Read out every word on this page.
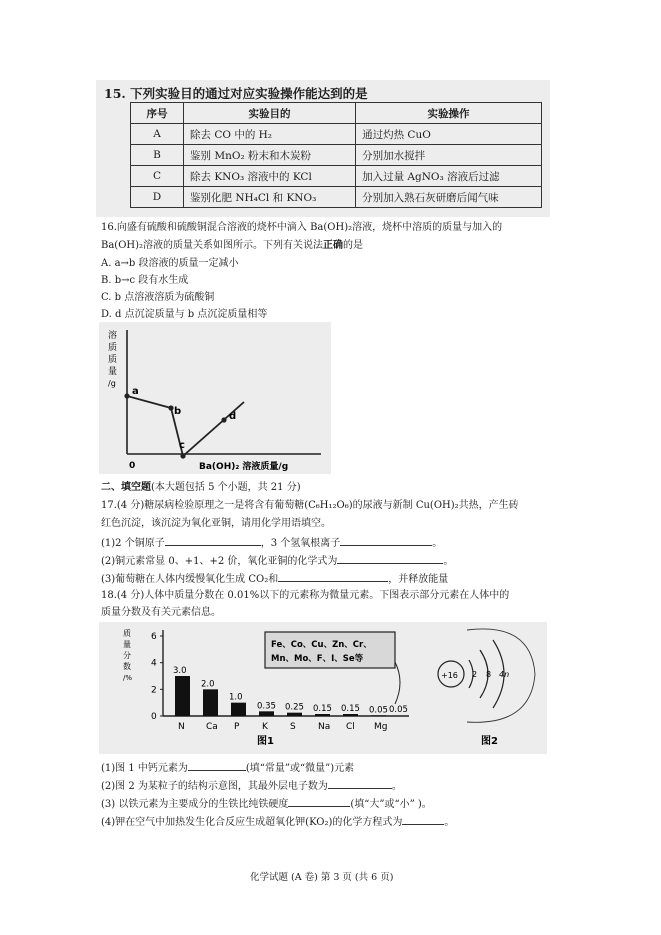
15. 下列实验目的通过对应实验操作能达到的是
序号	实验目的	实验操作
A	除去 CO 中的 H₂	通过灼热 CuO
B	鉴别 MnO₂ 粉末和木炭粉	分别加水搅拌
C	除去 KNO₃ 溶液中的 KCl	加入过量 AgNO₃ 溶液后过滤
D	鉴别化肥 NH₄Cl 和 KNO₃	分别加入熟石灰研磨后闻气味
16.向盛有硫酸和硫酸铜混合溶液的烧杯中滴入 Ba(OH)₂溶液，烧杯中溶质的质量与加入的
Ba(OH)₂溶液的质量关系如图所示。下列有关说法正确的是
A. a→b 段溶液的质量一定减小
B. b→c 段有水生成
C. b 点溶液溶质为硫酸铜
D. d 点沉淀质量与 b 点沉淀质量相等
溶
质
质
量
/g
0	Ba(OH)₂ 溶液质量/g
a
b
c
d
二、填空题(本大题包括 5 个小题，共 21 分)
17.(4 分)糖尿病检验原理之一是将含有葡萄糖(C₆H₁₂O₆)的尿液与新制 Cu(OH)₂共热，产生砖
红色沉淀，该沉淀为氧化亚铜，请用化学用语填空。
(1)2 个铜原子	，3 个氢氧根离子	。
(2)铜元素常显 0、+1、+2 价，氧化亚铜的化学式为	。
(3)葡萄糖在人体内缓慢氧化生成 CO₂和	，并释放能量
18.(4 分)人体中质量分数在 0.01%以下的元素称为微量元素。下图表示部分元素在人体中的
质量分数及有关元素信息。
质
量
分
数
/%
0
2
4
6
N
3.0
Ca
2.0
P
1.0
K
0.35
S
0.25
Na
0.15
Cl
0.15
Mg
0.05 0.05
Fe、Co、Cu、Zn、Cr、
Mn、Mo、F、I、Se等
图1
+16 2 8 4n
图2
(1)图 1 中钙元素为	(填“常量”或“微量”)元素
(2)图 2 为某粒子的结构示意图，其最外层电子数为	。
(3) 以铁元素为主要成分的生铁比纯铁硬度	(填“大”或“小” )。
(4)钾在空气中加热发生化合反应生成超氧化钾(KO₂)的化学方程式为	。
化学试题 (A 卷) 第 3 页 (共 6 页)
